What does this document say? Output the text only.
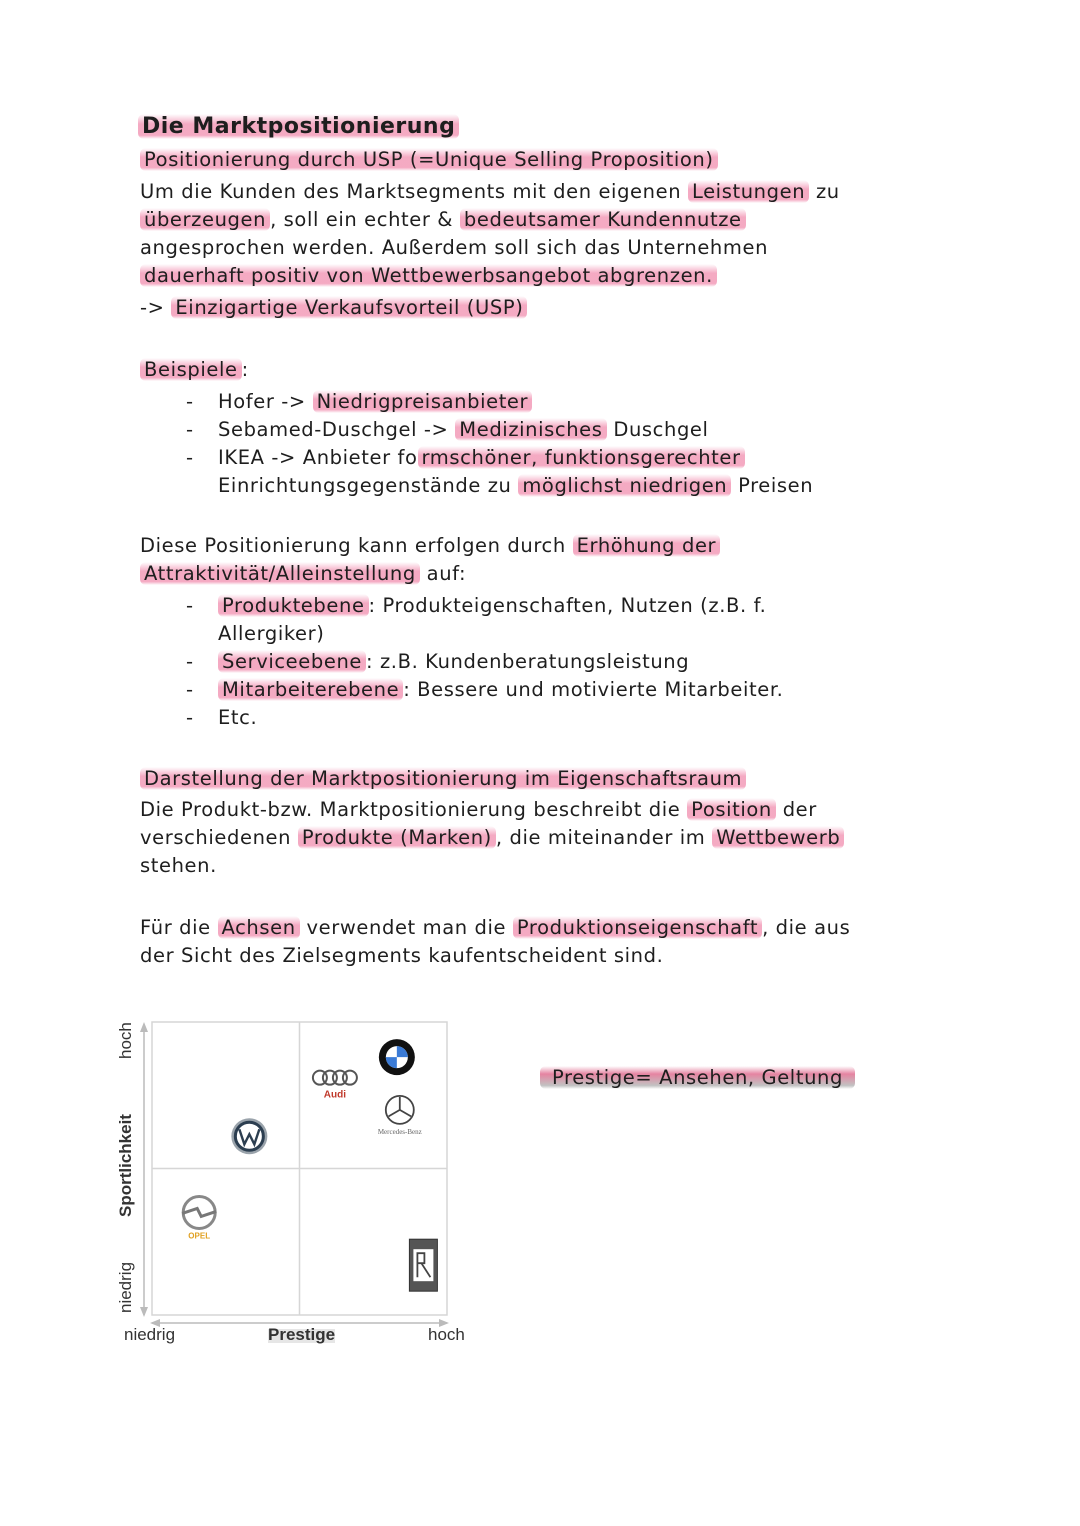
Die Marktpositionierung
Positionierung durch USP (=Unique Selling Proposition)
Um die Kunden des Marktsegments mit den eigenen Leistungen zu
überzeugen , soll ein echter & bedeutsamer Kundennutze
angesprochen werden. Außerdem soll sich das Unternehmen
dauerhaft positiv von Wettbewerbsangebot abgrenzen.
-> Einzigartige Verkaufsvorteil (USP)
Beispiele :
- Hofer -> Niedrigpreisanbieter
- Sebamed-Duschgel -> Medizinisches Duschgel
- IKEA -> Anbieter fo rmschöner, funktionsgerechter
Einrichtungsgegenstände zu möglichst niedrigen Preisen
Diese Positionierung kann erfolgen durch Erhöhung der
Attraktivität/Alleinstellung auf:
- Produktebene : Produkteigenschaften, Nutzen (z.B. f.
Allergiker)
- Serviceebene : z.B. Kundenberatungsleistung
- Mitarbeiterebene : Bessere und motivierte Mitarbeiter.
- Etc.
Darstellung der Marktpositionierung im Eigenschaftsraum
Die Produkt-bzw. Marktpositionierung beschreibt die Position der
verschiedenen Produkte (Marken) , die miteinander im Wettbewerb
stehen.
Für die Achsen verwendet man die Produktionseigenschaft , die aus
der Sicht des Zielsegments kaufentscheident sind.
Audi
Mercedes-Benz
OPEL
niedrig	Prestige	hoch
Sportlichkeit
hoch
niedrig
Prestige= Ansehen, Geltung
